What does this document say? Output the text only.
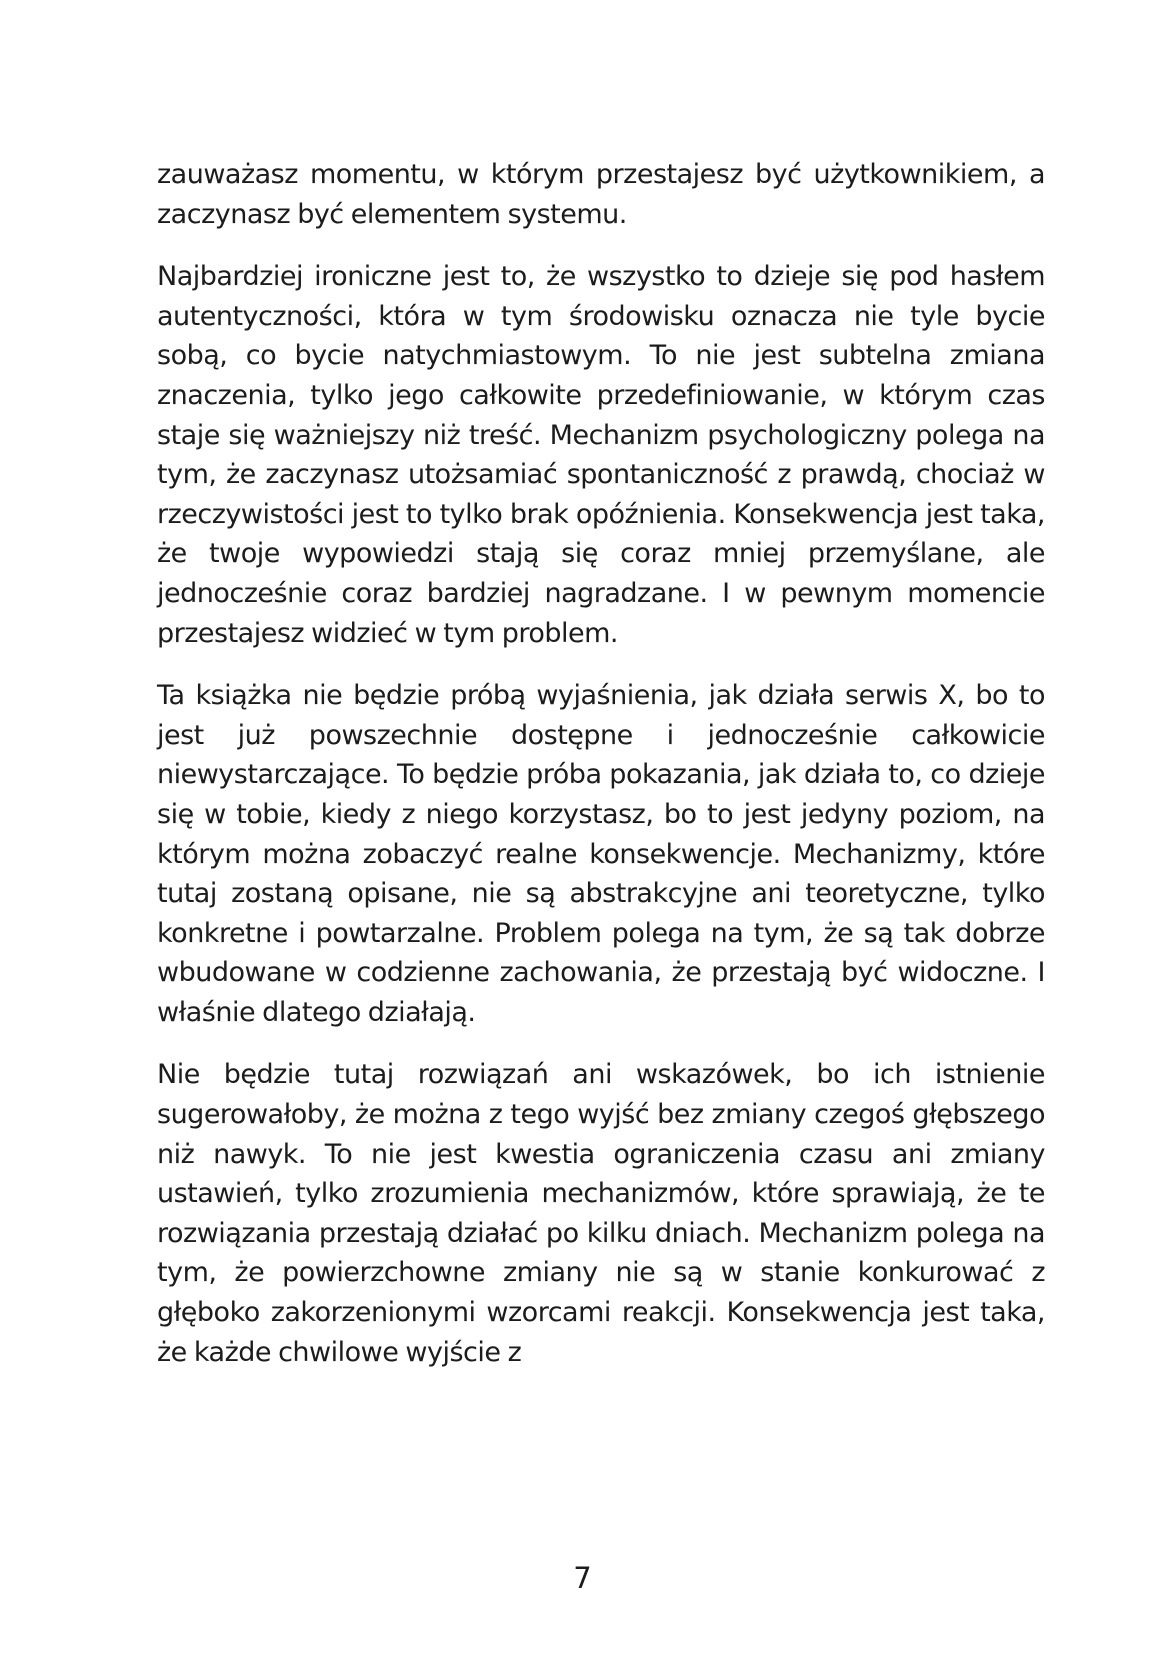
zauważasz momentu, w którym przestajesz być użytkownikiem, a zaczynasz być elementem systemu.

Najbardziej ironiczne jest to, że wszystko to dzieje się pod hasłem autentyczności, która w tym środowisku oznacza nie tyle bycie sobą, co bycie natychmiastowym. To nie jest subtelna zmiana znaczenia, tylko jego całkowite przedefiniowanie, w którym czas staje się ważniejszy niż treść. Mechanizm psychologiczny polega na tym, że zaczynasz utożsamiać spontaniczność z prawdą, chociaż w rzeczywistości jest to tylko brak opóźnienia. Konsekwencja jest taka, że twoje wypowiedzi stają się coraz mniej przemyślane, ale jednocześnie coraz bardziej nagradzane. I w pewnym momencie przestajesz widzieć w tym problem.

Ta książka nie będzie próbą wyjaśnienia, jak działa serwis X, bo to jest już powszechnie dostępne i jednocześnie całkowicie niewystarczające. To będzie próba pokazania, jak działa to, co dzieje się w tobie, kiedy z niego korzystasz, bo to jest jedyny poziom, na którym można zobaczyć realne konsekwencje. Mechanizmy, które tutaj zostaną opisane, nie są abstrakcyjne ani teoretyczne, tylko konkretne i powtarzalne. Problem polega na tym, że są tak dobrze wbudowane w codzienne zachowania, że przestają być widoczne. I właśnie dlatego działają.

Nie będzie tutaj rozwiązań ani wskazówek, bo ich istnienie sugerowałoby, że można z tego wyjść bez zmiany czegoś głębszego niż nawyk. To nie jest kwestia ograniczenia czasu ani zmiany ustawień, tylko zrozumienia mechanizmów, które sprawiają, że te rozwiązania przestają działać po kilku dniach. Mechanizm polega na tym, że powierzchowne zmiany nie są w stanie konkurować z głęboko zakorzenionymi wzorcami reakcji. Konsekwencja jest taka, że każde chwilowe wyjście z

7
